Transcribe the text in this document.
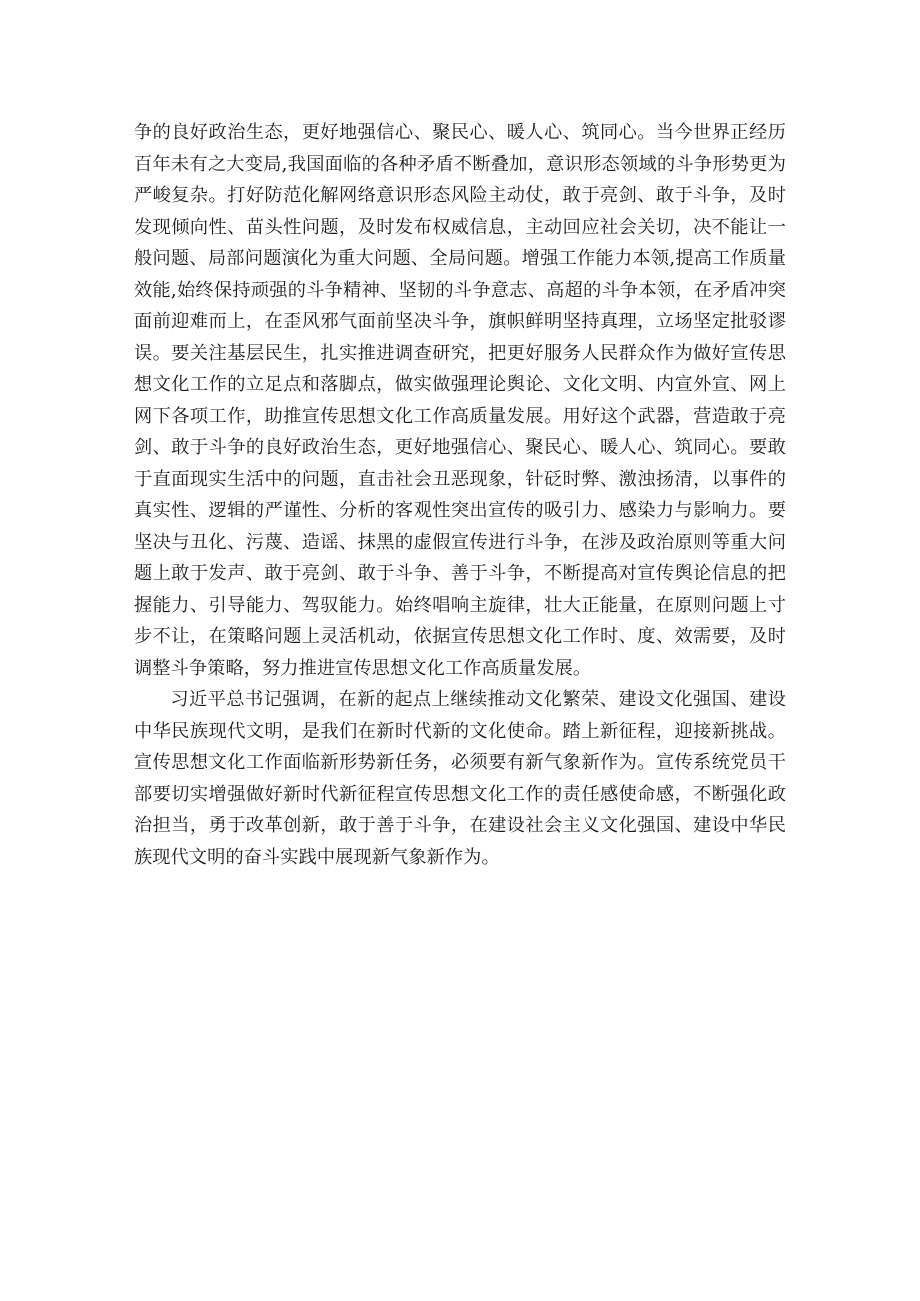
争的良好政治生态，更好地强信心、聚民心、暖人心、筑同心。当今世界正经历百年未有之大变局,我国面临的各种矛盾不断叠加，意识形态领域的斗争形势更为严峻复杂。打好防范化解网络意识形态风险主动仗，敢于亮剑、敢于斗争，及时发现倾向性、苗头性问题，及时发布权威信息，主动回应社会关切，决不能让一般问题、局部问题演化为重大问题、全局问题。增强工作能力本领,提高工作质量效能,始终保持顽强的斗争精神、坚韧的斗争意志、高超的斗争本领，在矛盾冲突面前迎难而上，在歪风邪气面前坚决斗争，旗帜鲜明坚持真理，立场坚定批驳谬误。要关注基层民生，扎实推进调查研究，把更好服务人民群众作为做好宣传思想文化工作的立足点和落脚点，做实做强理论舆论、文化文明、内宣外宣、网上网下各项工作，助推宣传思想文化工作高质量发展。用好这个武器，营造敢于亮剑、敢于斗争的良好政治生态，更好地强信心、聚民心、暖人心、筑同心。要敢于直面现实生活中的问题，直击社会丑恶现象，针砭时弊、激浊扬清，以事件的真实性、逻辑的严谨性、分析的客观性突出宣传的吸引力、感染力与影响力。要坚决与丑化、污蔑、造谣、抹黑的虚假宣传进行斗争，在涉及政治原则等重大问题上敢于发声、敢于亮剑、敢于斗争、善于斗争，不断提高对宣传舆论信息的把握能力、引导能力、驾驭能力。始终唱响主旋律，壮大正能量，在原则问题上寸步不让，在策略问题上灵活机动，依据宣传思想文化工作时、度、效需要，及时调整斗争策略，努力推进宣传思想文化工作高质量发展。

习近平总书记强调，在新的起点上继续推动文化繁荣、建设文化强国、建设中华民族现代文明，是我们在新时代新的文化使命。踏上新征程，迎接新挑战。宣传思想文化工作面临新形势新任务，必须要有新气象新作为。宣传系统党员干部要切实增强做好新时代新征程宣传思想文化工作的责任感使命感，不断强化政治担当，勇于改革创新，敢于善于斗争，在建设社会主义文化强国、建设中华民族现代文明的奋斗实践中展现新气象新作为。
